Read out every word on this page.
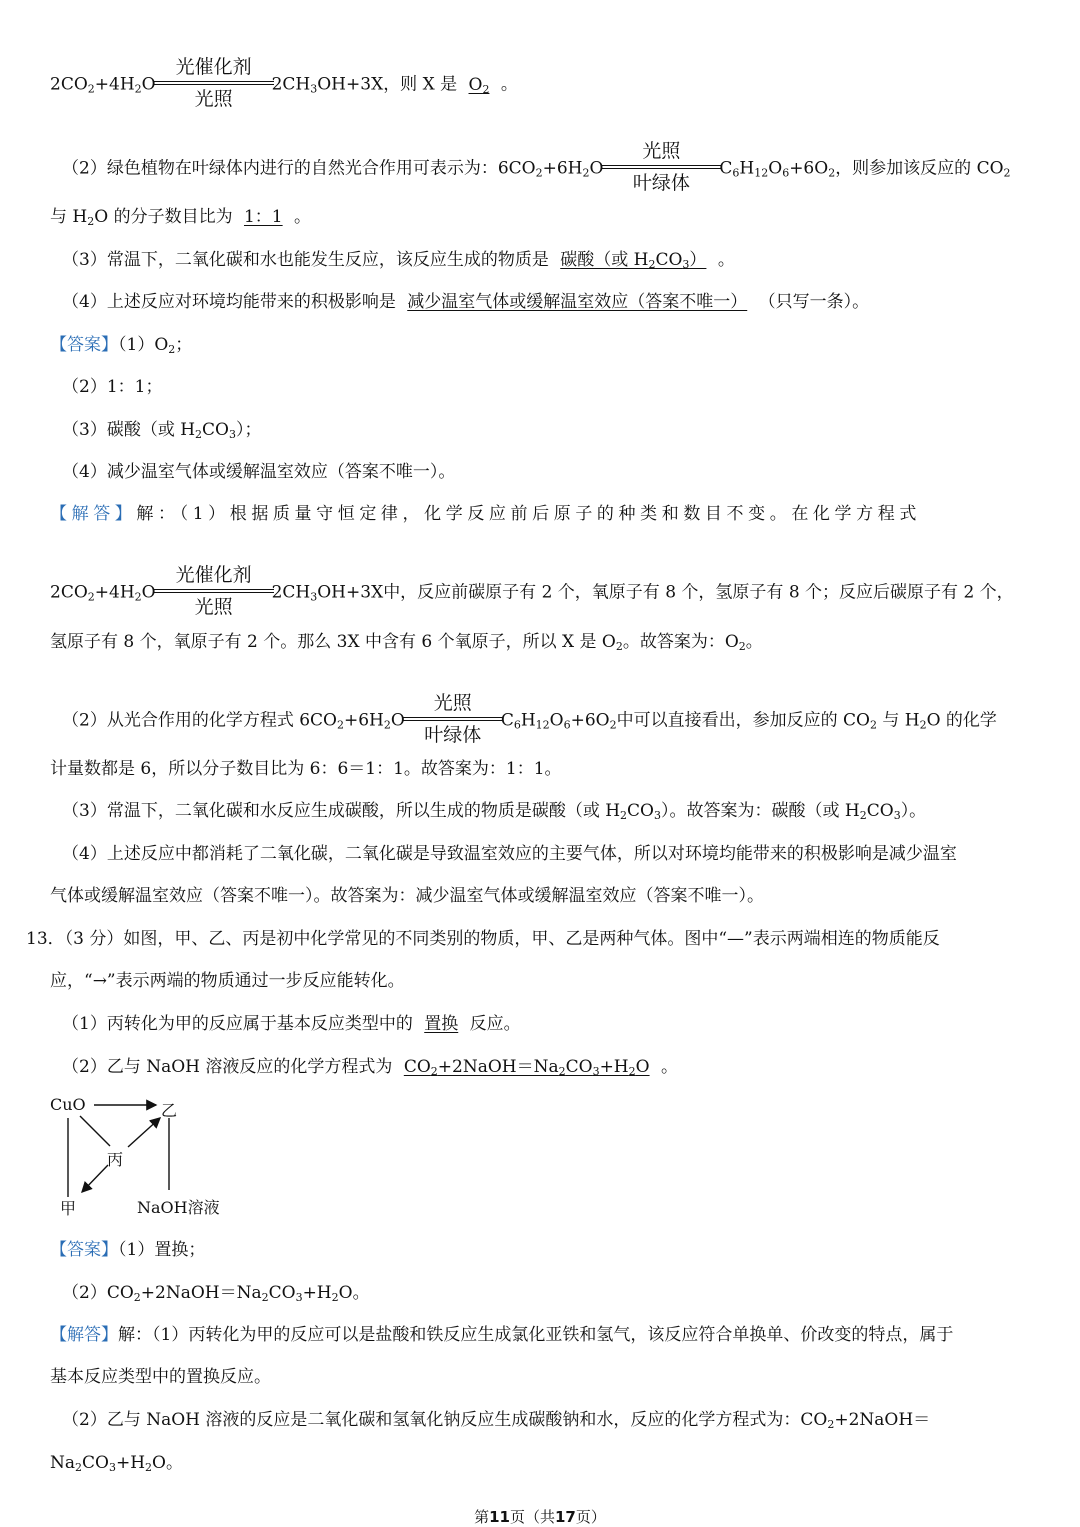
$2CO_2+4H_2O$
$\frac{\text{光催化剂}}{\text{光照}}$
$2CH_3OH+3X$，则 X 是 $O_2$ 。
（2）绿色植物在叶绿体内进行的自然光合作用可表示为：$6CO_2+6H_2O$
$\frac{\text{光照}}{\text{叶绿体}}$
$C_6H_{12}O_6+6O_2$，则参加该反应的 $CO_2$
与 $H_2O$ 的分子数目比为 1：1 。
（3）常温下，二氧化碳和水也能发生反应，该反应生成的物质是 碳酸（或 $H_2CO_3$） 。
（4）上述反应对环境均能带来的积极影响是 减少温室气体或缓解温室效应（答案不唯一） （只写一条）。
【答案】$(1)O_2$；
（2）1：1；
（3）碳酸（或 $H_2CO_3$）；
（4）减少温室气体或缓解温室效应（答案不唯一）。
【解答】解：（1）根据质量守恒定律，化学反应前后原子的种类和数目不变。在化学方程式
$2CO_2+4H_2O$
$\frac{\text{光催化剂}}{\text{光照}}$
$2CH_3OH+3X$中，反应前碳原子有 2 个，氧原子有 8 个，氢原子有 8 个；反应后碳原子有 2 个，
氢原子有 8 个，氧原子有 2 个。那么 3X 中含有 6 个氧原子，所以 X 是 $O_2$。故答案为：$O_2$。
（2）从光合作用的化学方程式 $6CO_2+6H_2O$
$\frac{\text{光照}}{\text{叶绿体}}$
$C_6H_{12}O_6+6O_2$中可以直接看出，参加反应的 $CO_2$ 与 $H_2O$ 的化学
计量数都是 6，所以分子数目比为 6：6＝1：1。故答案为：1：1。
（3）常温下，二氧化碳和水反应生成碳酸，所以生成的物质是碳酸（或 $H_2CO_3$）。故答案为：碳酸（或 $H_2CO_3$）。
（4）上述反应中都消耗了二氧化碳，二氧化碳是导致温室效应的主要气体，所以对环境均能带来的积极影响是减少温室
气体或缓解温室效应（答案不唯一）。故答案为：减少温室气体或缓解温室效应（答案不唯一）。
13．（3 分）如图，甲、乙、丙是初中化学常见的不同类别的物质，甲、乙是两种气体。图中“—”表示两端相连的物质能反
应，“→”表示两端的物质通过一步反应能转化。
（1）丙转化为甲的反应属于基本反应类型中的 置换 反应。
（2）乙与 NaOH 溶液反应的化学方程式为 $CO_2+2NaOH=Na_2CO_3+H_2O$ 。
CuO	乙
丙
甲	NaOH溶液
【答案】（1）置换；
$(2)CO_2+2NaOH=Na_2CO_3+H_2O$。
【解答】解：（1）丙转化为甲的反应可以是盐酸和铁反应生成氯化亚铁和氢气，该反应符合单换单、价改变的特点，属于
基本反应类型中的置换反应。
（2）乙与 NaOH 溶液的反应是二氧化碳和氢氧化钠反应生成碳酸钠和水，反应的化学方程式为：$CO_2+2NaOH=$
$Na_2CO_3+H_2O$。
第11页（共17页）
